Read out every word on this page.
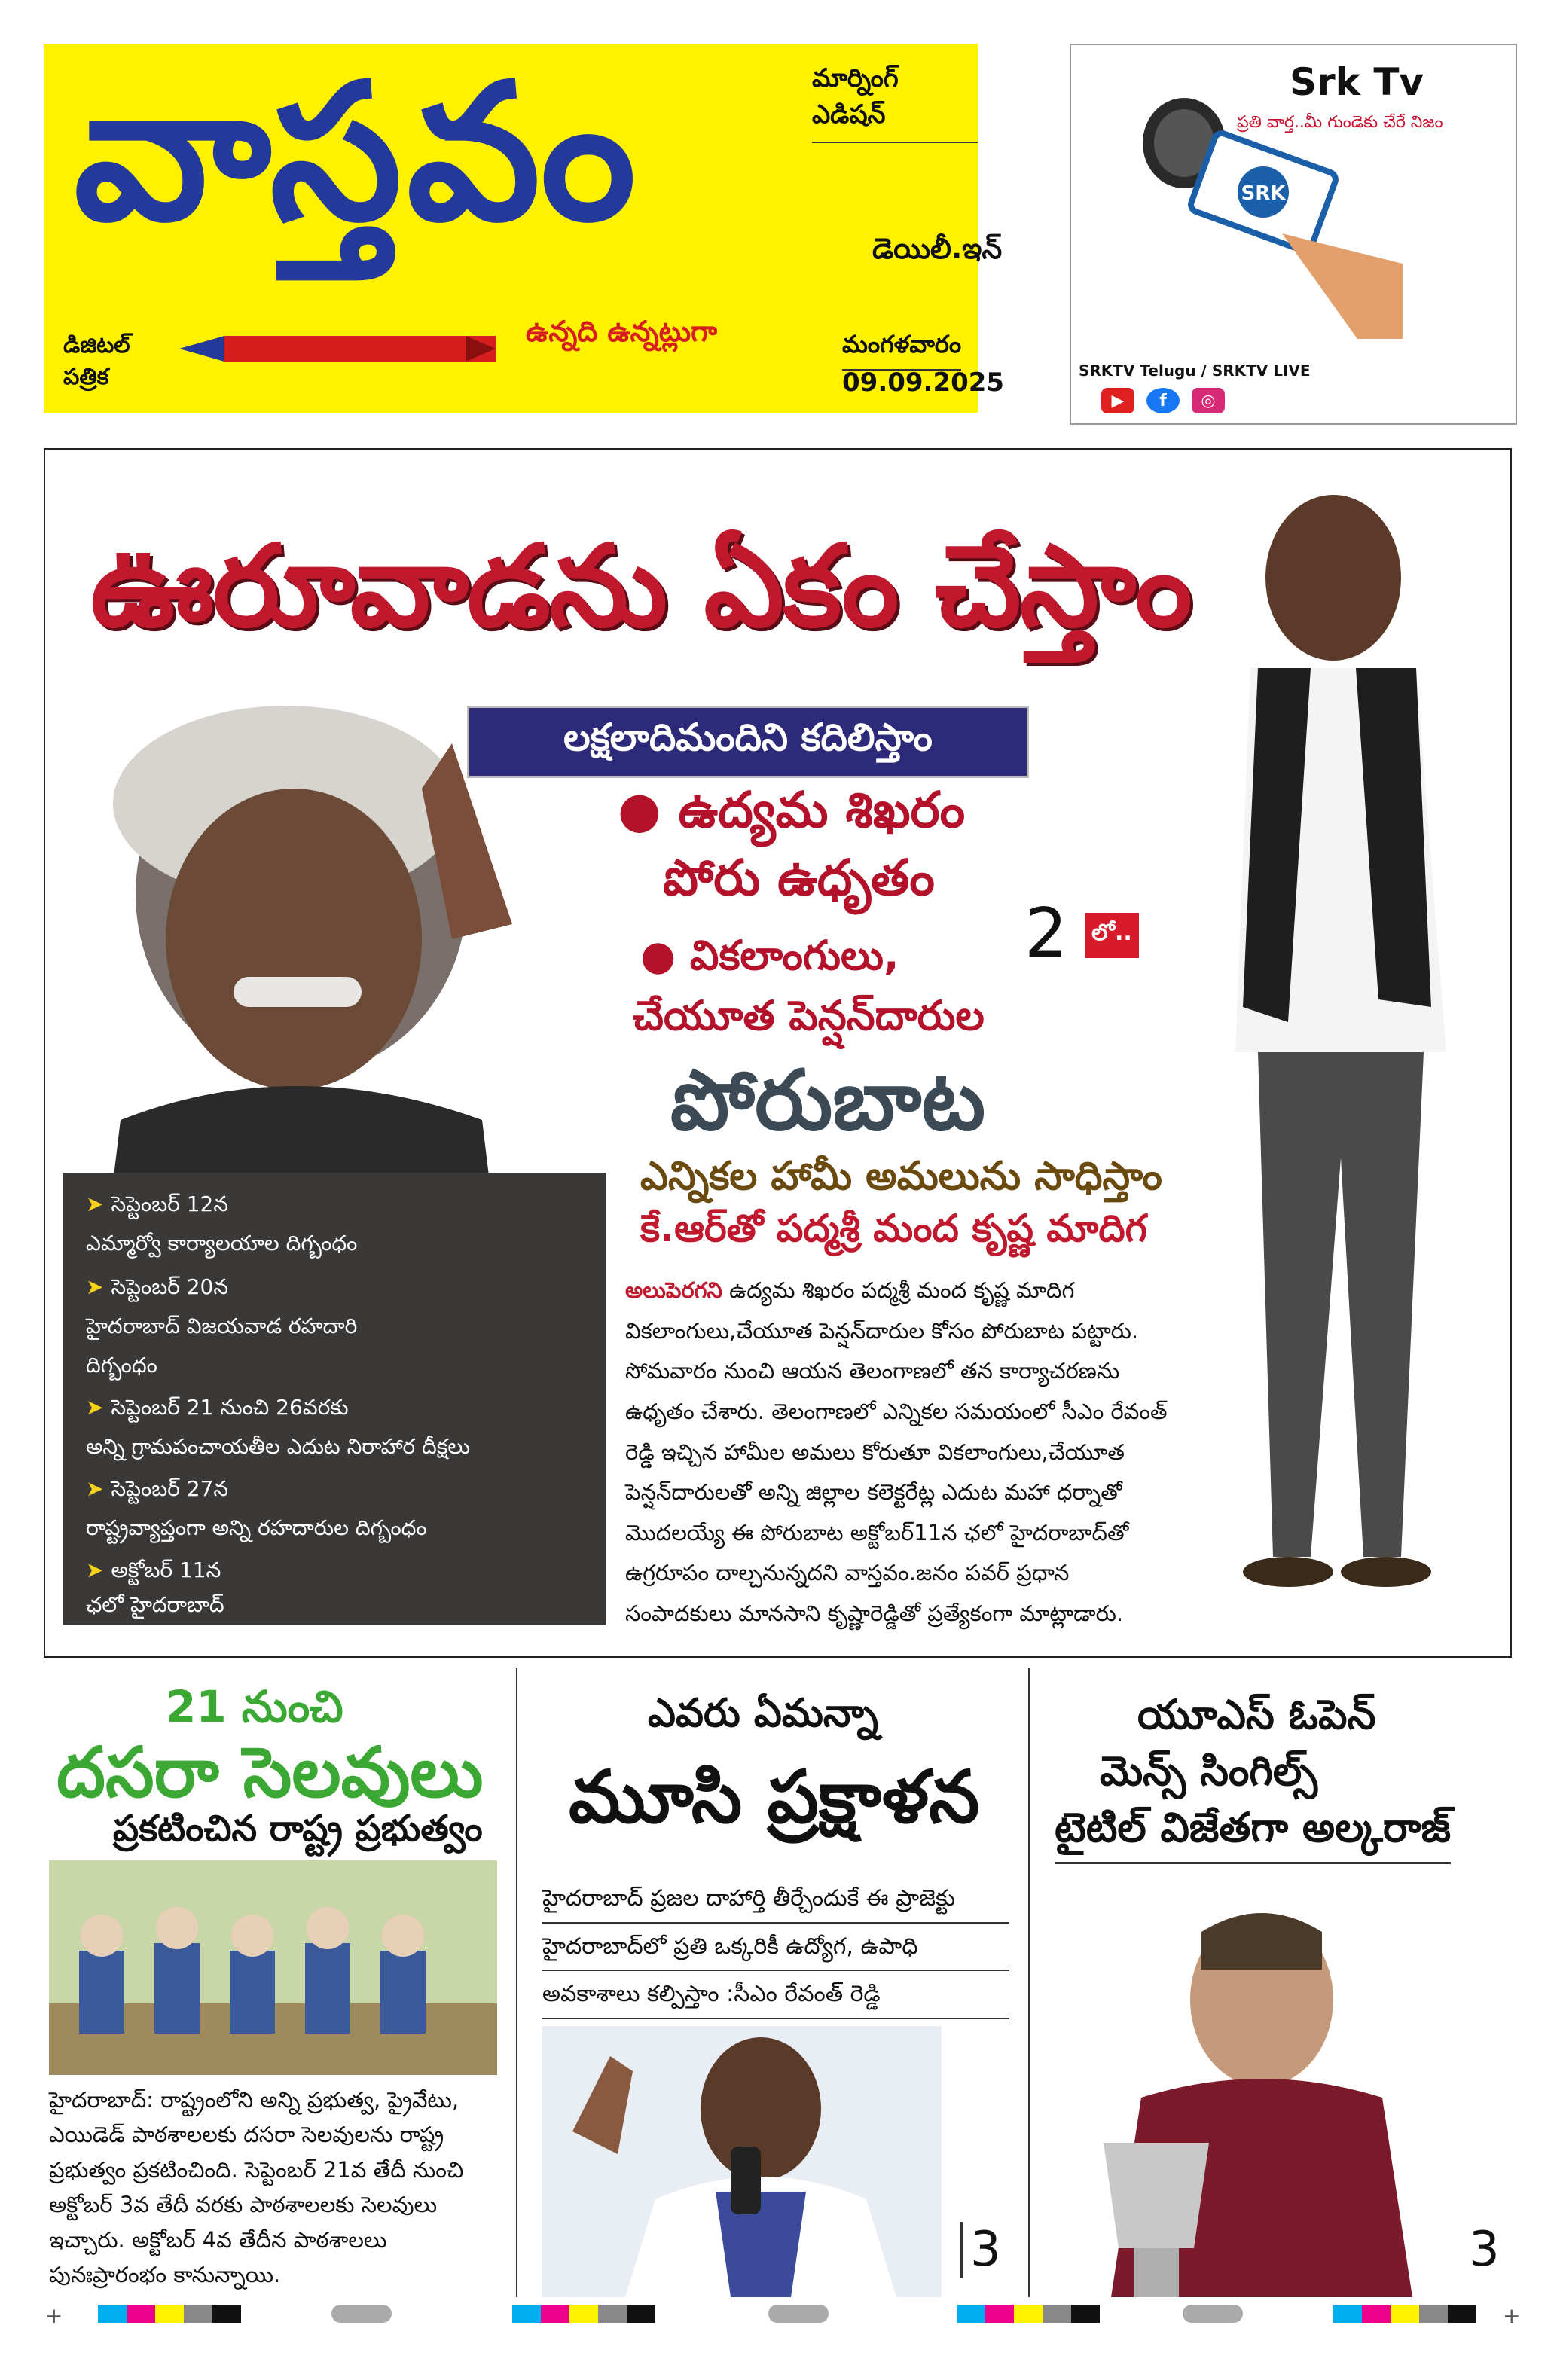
వాస్తవం	మార్నింగ్ ఎడిషన్
డెయిలీ.ఇన్
ఉన్నది ఉన్నట్లుగా
డిజిటల్
పత్రిక
మంగళవారం
09.09.2025
Srk Tv
ప్రతి వార్త..మీ గుండెకు చేరే నిజం
SRK
SRKTV Telugu / SRKTV LIVE
▶	f	◎
ఊరూవాడను ఏకం చేస్తాం
లక్షలాదిమందిని కదిలిస్తాం
● ఉద్యమ శిఖరం
పోరు ఉధృతం
● వికలాంగులు,
చేయూత పెన్షన్‌దారుల
పోరుబాట
ఎన్నికల హామీ అమలును సాధిస్తాం
కే.ఆర్‌తో పద్మశ్రీ మంద కృష్ణ మాదిగ
2	లో..
➤ సెప్టెంబర్ 12న
ఎమ్మార్వో కార్యాలయాల దిగ్బంధం
➤ సెప్టెంబర్ 20న
హైదరాబాద్ విజయవాడ రహదారి
దిగ్బంధం
➤ సెప్టెంబర్ 21 నుంచి 26వరకు
అన్ని గ్రామపంచాయతీల ఎదుట నిరాహార దీక్షలు
➤ సెప్టెంబర్ 27న
రాష్ట్రవ్యాప్తంగా అన్ని రహదారుల దిగ్బంధం
➤ అక్టోబర్ 11న
ఛలో హైదరాబాద్
అలుపెరగని ఉద్యమ శిఖరం పద్మశ్రీ మంద కృష్ణ మాదిగ వికలాంగులు,చేయూత పెన్షన్‌దారుల కోసం పోరుబాట పట్టారు. సోమవారం నుంచి ఆయన తెలంగాణలో తన కార్యాచరణను ఉధృతం చేశారు. తెలంగాణలో ఎన్నికల సమయంలో సీఎం రేవంత్ రెడ్డి ఇచ్చిన హామీల అమలు కోరుతూ వికలాంగులు,చేయూత పెన్షన్‌దారులతో అన్ని జిల్లాల కలెక్టరేట్ల ఎదుట మహా ధర్నాతో మొదలయ్యే ఈ పోరుబాట అక్టోబర్11న ఛలో హైదరాబాద్‌తో ఉగ్రరూపం దాల్చనున్నదని వాస్తవం.జనం పవర్ ప్రధాన సంపాదకులు మానసాని కృష్ణారెడ్డితో ప్రత్యేకంగా మాట్లాడారు.
21 నుంచి
దసరా సెలవులు
ప్రకటించిన రాష్ట్ర ప్రభుత్వం
హైదరాబాద్: రాష్ట్రంలోని అన్ని ప్రభుత్వ, ప్రైవేటు, ఎయిడెడ్ పాఠశాలలకు దసరా సెలవులను రాష్ట్ర ప్రభుత్వం ప్రకటించింది. సెప్టెంబర్ 21వ తేదీ నుంచి అక్టోబర్ 3వ తేదీ వరకు పాఠశాలలకు సెలవులు ఇచ్చారు. అక్టోబర్ 4వ తేదీన పాఠశాలలు పునఃప్రారంభం కానున్నాయి.
ఎవరు ఏమన్నా
మూసి ప్రక్షాళన
హైదరాబాద్ ప్రజల దాహార్తి తీర్చేందుకే ఈ ప్రాజెక్టు
హైదరాబాద్‌లో ప్రతి ఒక్కరికీ ఉద్యోగ, ఉపాధి
అవకాశాలు కల్పిస్తాం :సీఎం రేవంత్ రెడ్డి
3
యూఎస్ ఓపెన్
మెన్స్ సింగిల్స్
టైటిల్ విజేతగా అల్కరాజ్
3
+	+
